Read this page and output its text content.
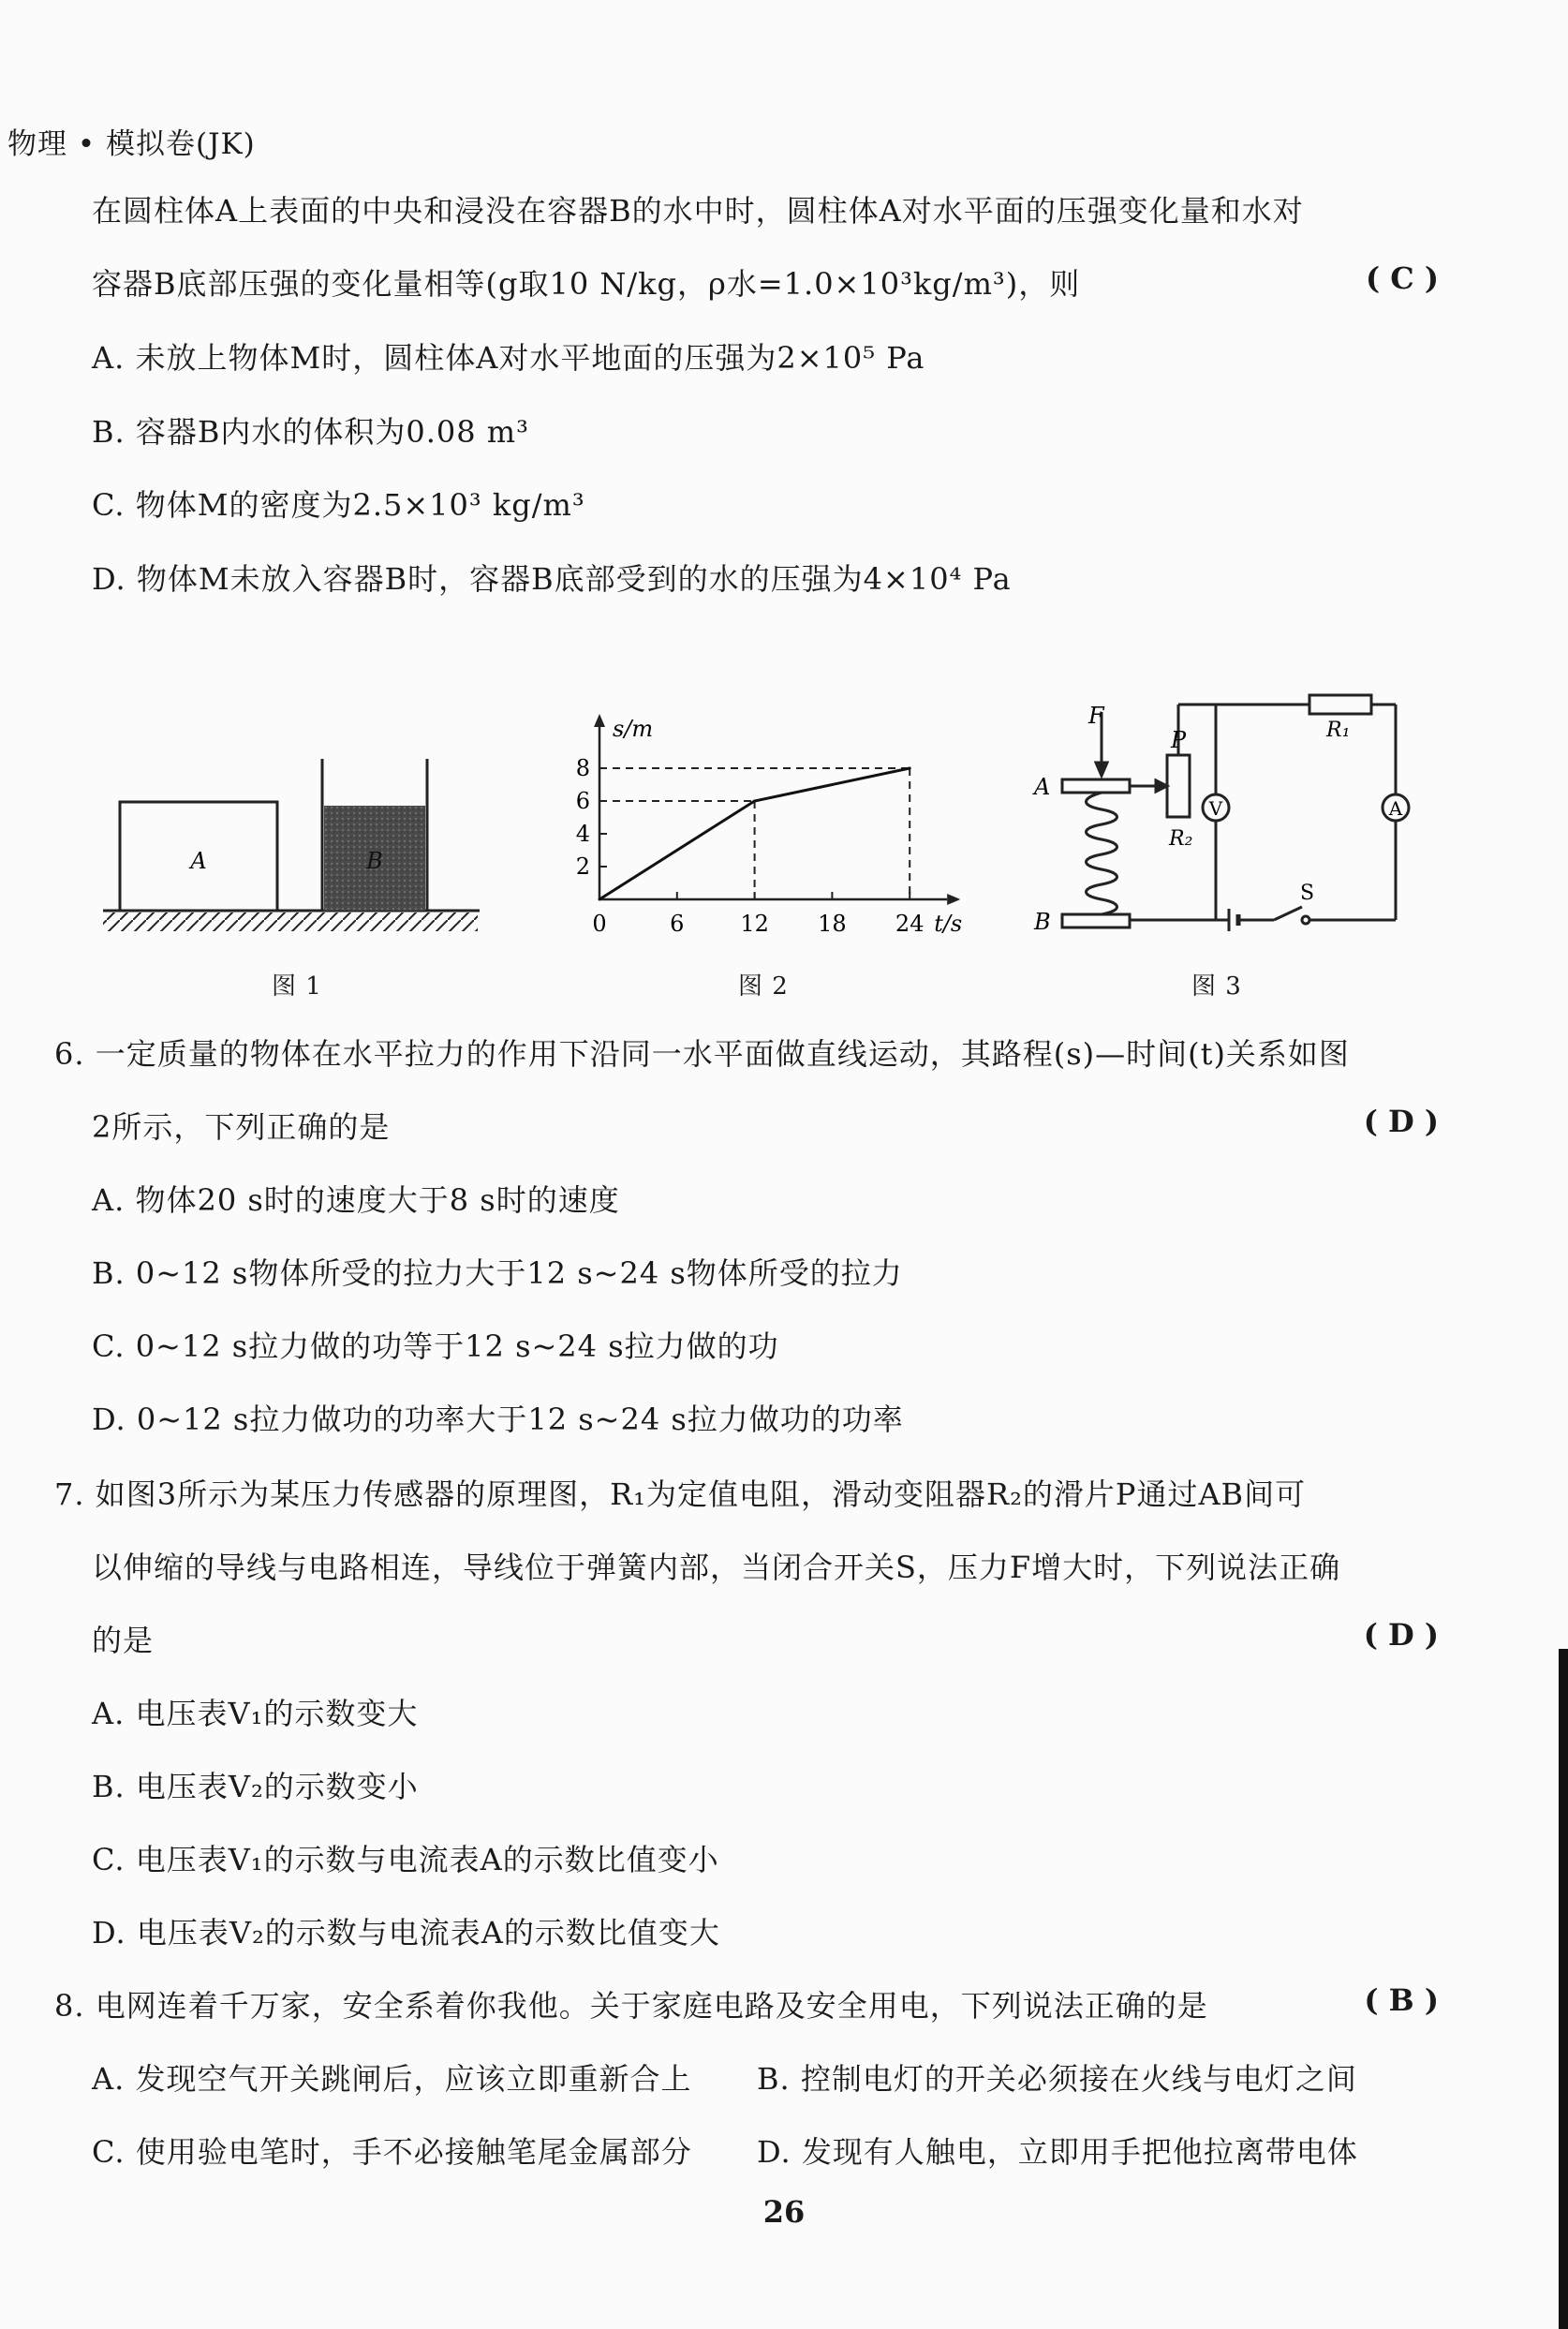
物理 • 模拟卷(JK)
在圆柱体A上表面的中央和浸没在容器B的水中时，圆柱体A对水平面的压强变化量和水对
容器B底部压强的变化量相等(g取10 N/kg，ρ水=1.0×10³kg/m³)，则	( C )
A. 未放上物体M时，圆柱体A对水平地面的压强为2×10⁵ Pa
B. 容器B内水的体积为0.08 m³
C. 物体M的密度为2.5×10³ kg/m³
D. 物体M未放入容器B时，容器B底部受到的水的压强为4×10⁴ Pa
A	B
图 1
2
4
6
8
0	6 12 18 24
s/m
t/s
图 2
F
P
A
B
R₁
R₂
V	A
S
图 3
6. 一定质量的物体在水平拉力的作用下沿同一水平面做直线运动，其路程(s)—时间(t)关系如图
2所示，下列正确的是	( D )
A. 物体20 s时的速度大于8 s时的速度
B. 0~12 s物体所受的拉力大于12 s~24 s物体所受的拉力
C. 0~12 s拉力做的功等于12 s~24 s拉力做的功
D. 0~12 s拉力做功的功率大于12 s~24 s拉力做功的功率
7. 如图3所示为某压力传感器的原理图，R₁为定值电阻，滑动变阻器R₂的滑片P通过AB间可
以伸缩的导线与电路相连，导线位于弹簧内部，当闭合开关S，压力F增大时，下列说法正确
的是	( D )
A. 电压表V₁的示数变大
B. 电压表V₂的示数变小
C. 电压表V₁的示数与电流表A的示数比值变小
D. 电压表V₂的示数与电流表A的示数比值变大
8. 电网连着千万家，安全系着你我他。关于家庭电路及安全用电，下列说法正确的是	( B )
A. 发现空气开关跳闸后，应该立即重新合上 B. 控制电灯的开关必须接在火线与电灯之间
C. 使用验电笔时，手不必接触笔尾金属部分 D. 发现有人触电，立即用手把他拉离带电体
26
